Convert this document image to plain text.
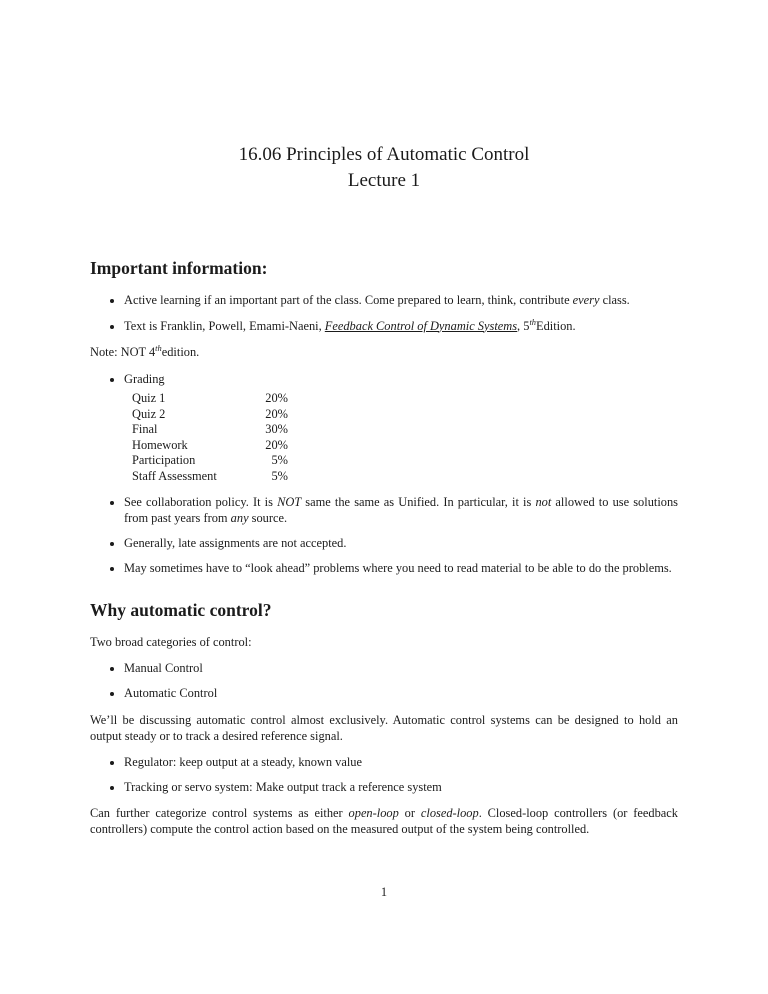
16.06 Principles of Automatic Control
Lecture 1
Important information:
• Active learning if an important part of the class. Come prepared to learn, think, contribute every class.
• Text is Franklin, Powell, Emami-Naeni, Feedback Control of Dynamic Systems, 5thEdition.

Note: NOT 4thedition.

• Grading
Quiz 1	20%
Quiz 2	20%
Final	30%
Homework	20%
Participation	5%
Staff Assessment	5%
• See collaboration policy. It is NOT same the same as Unified. In particular, it is not allowed to use solutions from past years from any source.
• Generally, late assignments are not accepted.
• May sometimes have to “look ahead” problems where you need to read material to be able to do the problems.
Why automatic control?

Two broad categories of control:

• Manual Control
• Automatic Control

We’ll be discussing automatic control almost exclusively. Automatic control systems can be designed to hold an output steady or to track a desired reference signal.

• Regulator: keep output at a steady, known value
• Tracking or servo system: Make output track a reference system

Can further categorize control systems as either open-loop or closed-loop. Closed-loop controllers (or feedback controllers) compute the control action based on the measured output of the system being controlled.

1
